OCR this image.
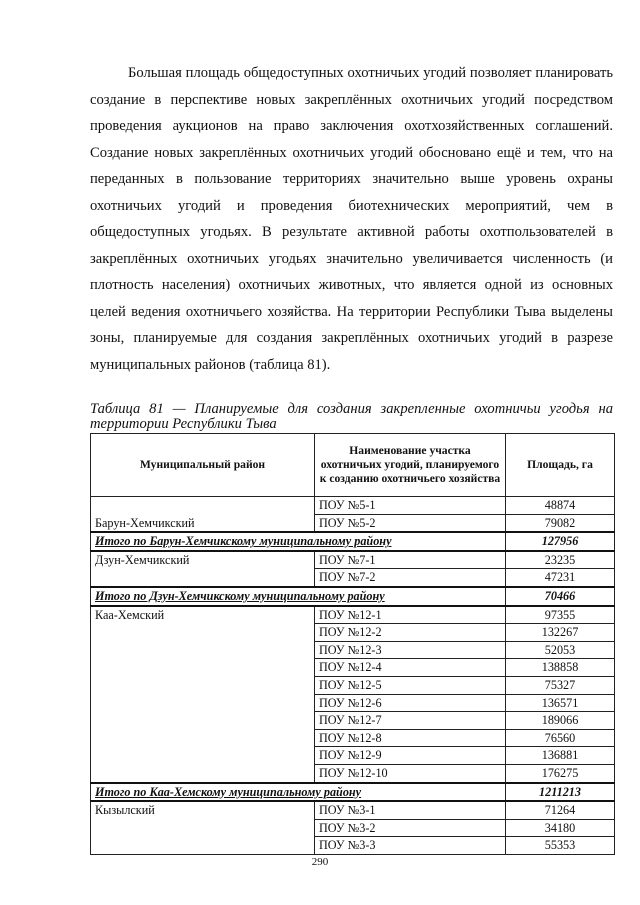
Большая площадь общедоступных охотничьих угодий позволяет планировать создание в перспективе новых закреплённых охотничьих угодий посредством проведения аукционов на право заключения охотхозяйственных соглашений. Создание новых закреплённых охотничьих угодий обосновано ещё и тем, что на переданных в пользование территориях значительно выше уровень охраны охотничьих угодий и проведения биотехнических мероприятий, чем в общедоступных угодьях. В результате активной работы охотпользователей в закреплённых охотничьих угодьях значительно увеличивается численность (и плотность населения) охотничьих животных, что является одной из основных целей ведения охотничьего хозяйства. На территории Республики Тыва выделены зоны, планируемые для создания закреплённых охотничьих угодий в разрезе муниципальных районов (таблица 81).

Таблица 81 — Планируемые для создания закрепленные охотничьи угодья на территории Республики Тыва

Муниципальный район	Наименование участка охотничьих угодий, планируемого к созданию охотничьего хозяйства	Площадь, га
	ПОУ №5-1	48874
Барун-Хемчикский	ПОУ №5-2	79082
Итого по Барун-Хемчикскому муниципальному району		127956
Дзун-Хемчикский	ПОУ №7-1	23235
	ПОУ №7-2	47231
Итого по Дзун-Хемчикскому муниципальному району		70466
Каа-Хемский	ПОУ №12-1	97355
	ПОУ №12-2	132267
	ПОУ №12-3	52053
	ПОУ №12-4	138858
	ПОУ №12-5	75327
	ПОУ №12-6	136571
	ПОУ №12-7	189066
	ПОУ №12-8	76560
	ПОУ №12-9	136881
	ПОУ №12-10	176275
Итого по Каа-Хемскому муниципальному району		1211213
Кызылский	ПОУ №3-1	71264
	ПОУ №3-2	34180
	ПОУ №3-3	55353
290
